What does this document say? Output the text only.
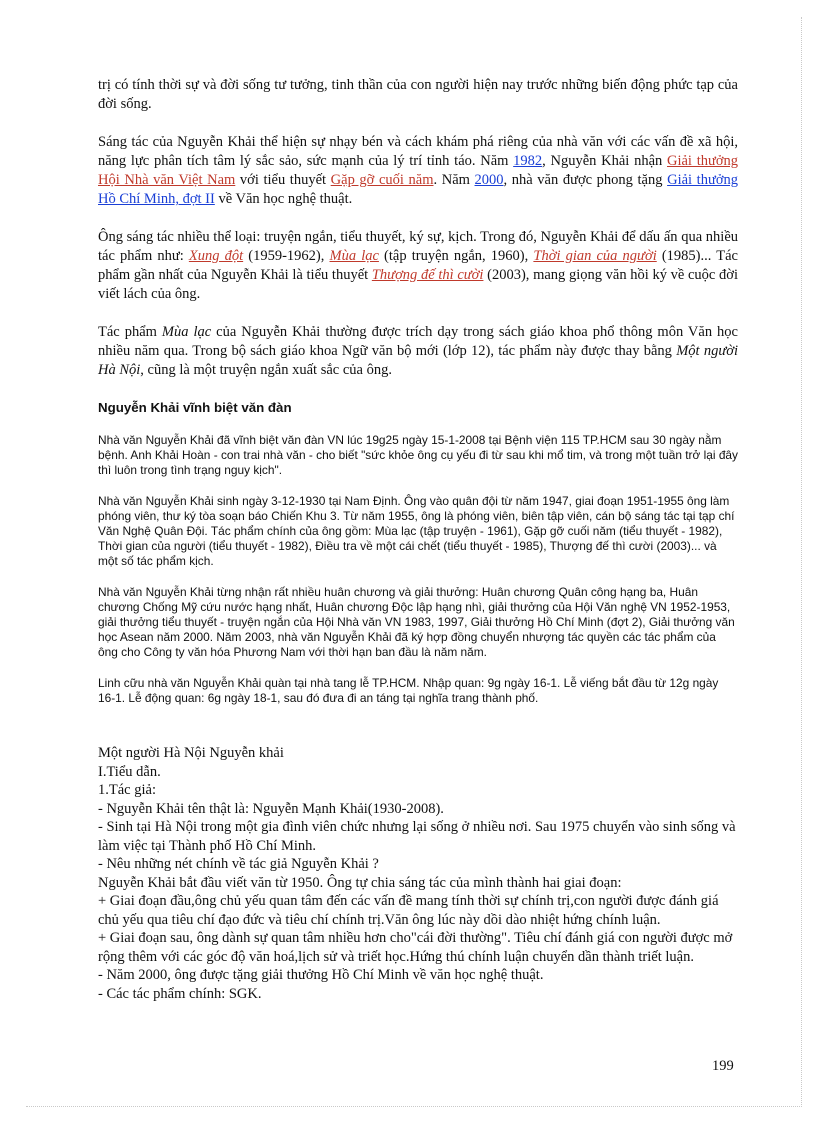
trị có tính thời sự và đời sống tư tưởng, tinh thần của con người hiện nay trước những biến động phức tạp của đời sống.

Sáng tác của Nguyễn Khải thể hiện sự nhạy bén và cách khám phá riêng của nhà văn với các vấn đề xã hội, năng lực phân tích tâm lý sắc sảo, sức mạnh của lý trí tỉnh táo. Năm 1982, Nguyễn Khải nhận Giải thưởng Hội Nhà văn Việt Nam với tiểu thuyết Gặp gỡ cuối năm. Năm 2000, nhà văn được phong tặng Giải thưởng Hồ Chí Minh, đợt II về Văn học nghệ thuật.

Ông sáng tác nhiều thể loại: truyện ngắn, tiểu thuyết, ký sự, kịch. Trong đó, Nguyễn Khải để dấu ấn qua nhiều tác phẩm như: Xung đột (1959-1962), Mùa lạc (tập truyện ngắn, 1960), Thời gian của người (1985)... Tác phẩm gần nhất của Nguyễn Khải là tiểu thuyết Thượng đế thì cười (2003), mang giọng văn hồi ký về cuộc đời viết lách của ông.

Tác phẩm Mùa lạc của Nguyễn Khải thường được trích dạy trong sách giáo khoa phổ thông môn Văn học nhiều năm qua. Trong bộ sách giáo khoa Ngữ văn bộ mới (lớp 12), tác phẩm này được thay bằng Một người Hà Nội, cũng là một truyện ngắn xuất sắc của ông.

Nguyễn Khải vĩnh biệt văn đàn

Nhà văn Nguyễn Khải đã vĩnh biệt văn đàn VN lúc 19g25 ngày 15-1-2008 tại Bệnh viện 115 TP.HCM sau 30 ngày nằm bệnh. Anh Khải Hoàn - con trai nhà văn - cho biết "sức khỏe ông cụ yếu đi từ sau khi mổ tim, và trong một tuần trở lại đây thì luôn trong tình trạng nguy kịch".

Nhà văn Nguyễn Khải sinh ngày 3-12-1930 tại Nam Định. Ông vào quân đội từ năm 1947, giai đoạn 1951-1955 ông làm phóng viên, thư ký tòa soạn báo Chiến Khu 3. Từ năm 1955, ông là phóng viên, biên tập viên, cán bộ sáng tác tại tạp chí Văn Nghệ Quân Đội. Tác phẩm chính của ông gồm: Mùa lạc (tập truyện - 1961), Gặp gỡ cuối năm (tiểu thuyết - 1982), Thời gian của người (tiểu thuyết - 1982), Điều tra về một cái chết (tiểu thuyết - 1985), Thượng đế thì cười (2003)... và một số tác phẩm kịch.

Nhà văn Nguyễn Khải từng nhận rất nhiều huân chương và giải thưởng: Huân chương Quân công hạng ba, Huân chương Chống Mỹ cứu nước hạng nhất, Huân chương Độc lập hạng nhì, giải thưởng của Hội Văn nghệ VN 1952-1953, giải thưởng tiểu thuyết - truyện ngắn của Hội Nhà văn VN 1983, 1997, Giải thưởng Hồ Chí Minh (đợt 2), Giải thưởng văn học Asean năm 2000. Năm 2003, nhà văn Nguyễn Khải đã ký hợp đồng chuyển nhượng tác quyền các tác phẩm của ông cho Công ty văn hóa Phương Nam với thời hạn ban đầu là năm năm.

Linh cữu nhà văn Nguyễn Khải quàn tại nhà tang lễ TP.HCM. Nhập quan: 9g ngày 16-1. Lễ viếng bắt đầu từ 12g ngày 16-1. Lễ động quan: 6g ngày 18-1, sau đó đưa đi an táng tại nghĩa trang thành phố.

Một người Hà Nội Nguyễn khải

I.Tiểu dẫn.

1.Tác giả:

- Nguyễn Khải tên thật là: Nguyễn Mạnh Khải(1930-2008).

- Sinh tại Hà Nội trong một gia đình viên chức nhưng lại sống ở nhiều nơi. Sau 1975 chuyển vào sinh sống và làm việc tại Thành phố Hồ Chí Minh.

- Nêu những nét chính về tác giả Nguyễn Khải ?

Nguyễn Khải bắt đầu viết văn từ 1950. Ông tự chia sáng tác của mình thành hai giai đoạn:

+ Giai đoạn đầu,ông chủ yếu quan tâm đến các vấn đề mang tính thời sự chính trị,con người được đánh giá chủ yếu qua tiêu chí đạo đức và tiêu chí chính trị.Văn ông lúc này dồi dào nhiệt hứng chính luận.

+ Giai đoạn sau, ông dành sự quan tâm nhiều hơn cho"cái đời thường". Tiêu chí đánh giá con người được mở rộng thêm với các góc độ văn hoá,lịch sử và triết học.Hứng thú chính luận chuyển dần thành triết luận.

- Năm 2000, ông được tặng giải thưởng Hồ Chí Minh về văn học nghệ thuật.

- Các tác phẩm chính: SGK.

199
